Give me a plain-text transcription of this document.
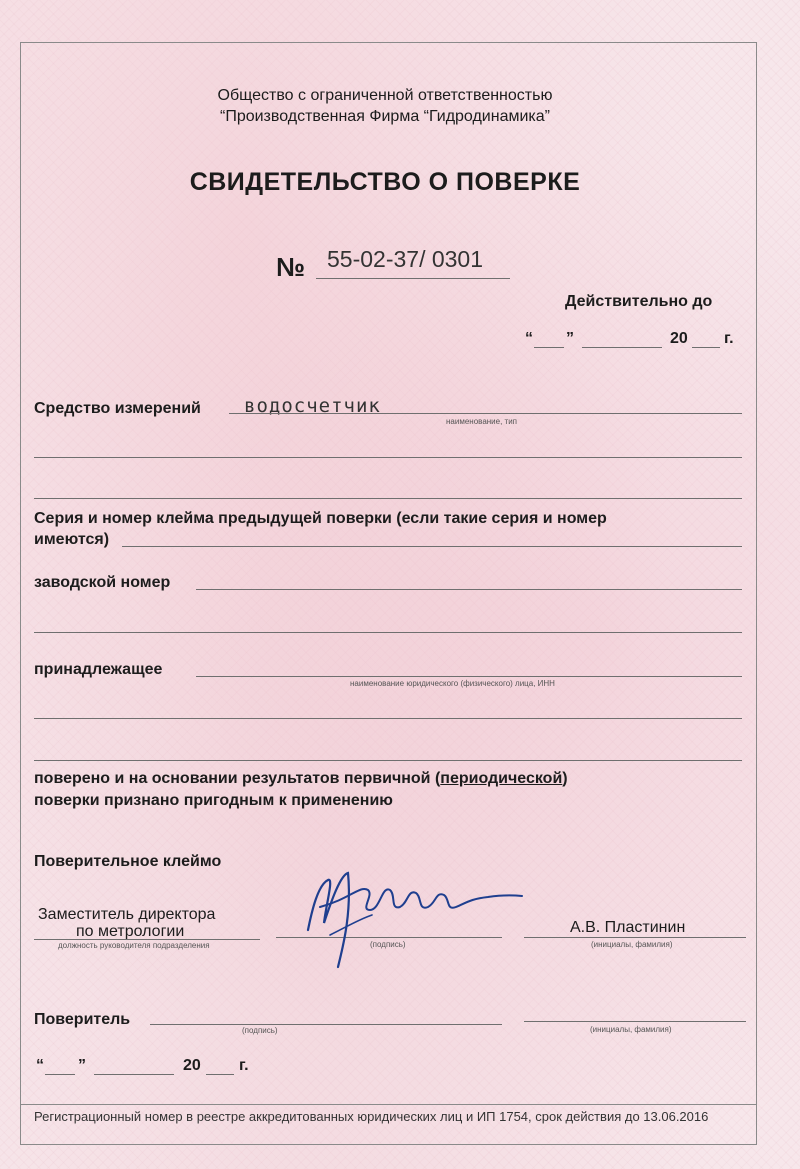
Общество с ограниченной ответственностью
“Производственная Фирма “Гидродинамика”
СВИДЕТЕЛЬСТВО О ПОВЕРКЕ
№ 55-02-37/ 0301
Действительно до
“ ”	20 г.
Средство измерений водосчетчик
наименование, тип
Серия и номер клейма предыдущей поверки (если такие серия и номер
имеются)
заводской номер
принадлежащее
наименование юридического (физического) лица, ИНН
поверено и на основании результатов первичной (периодической)
поверки признано пригодным к применению
Поверительное клеймо
Заместитель директора
по метрологии
должность руководителя подразделения	(подпись)
А.В. Пластинин
(инициалы, фамилия)
Поверитель
(подпись)	(инициалы, фамилия)
“ ”	20 г.
Регистрационный номер в реестре аккредитованных юридических лиц и ИП 1754, срок действия до 13.06.2016
